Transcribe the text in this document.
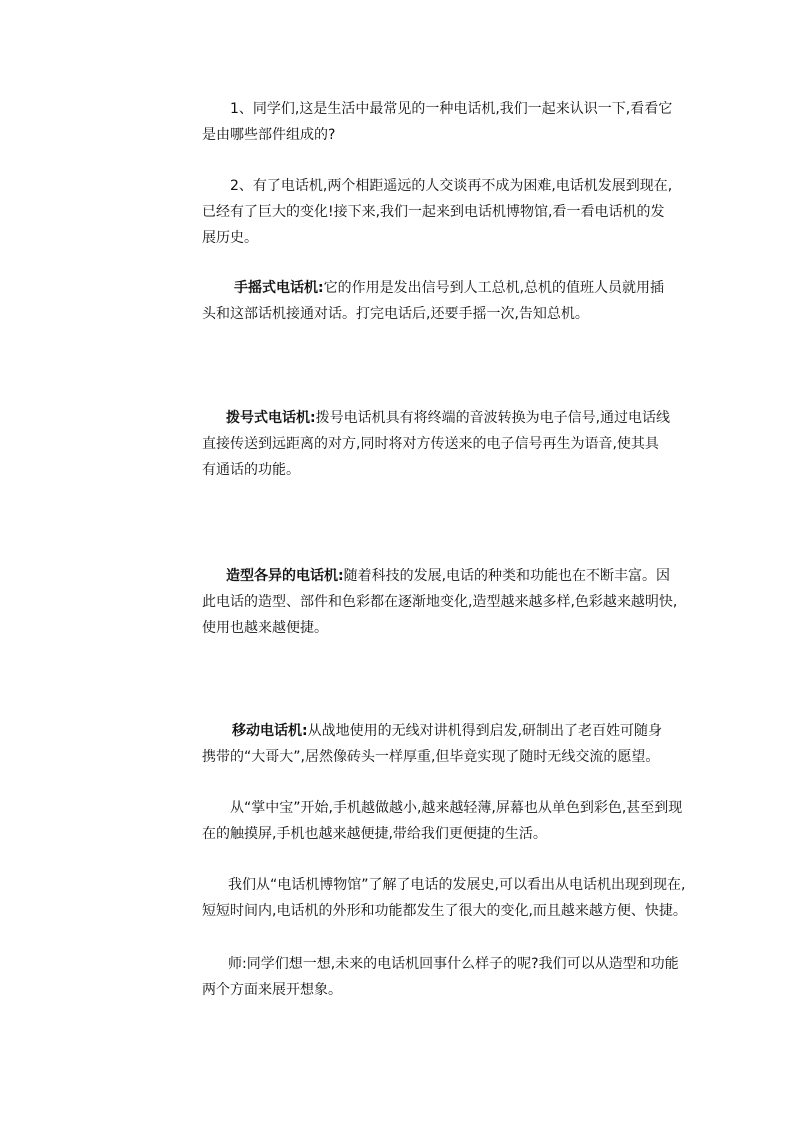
1、同学们,这是生活中最常见的一种电话机,我们一起来认识一下,看看它
是由哪些部件组成的?
2、有了电话机,两个相距遥远的人交谈再不成为困难,电话机发展到现在,
已经有了巨大的变化!接下来,我们一起来到电话机博物馆,看一看电话机的发
展历史。
手摇式电话机:它的作用是发出信号到人工总机,总机的值班人员就用插
头和这部话机接通对话。打完电话后,还要手摇一次,告知总机。
拨号式电话机:拨号电话机具有将终端的音波转换为电子信号,通过电话线
直接传送到远距离的对方,同时将对方传送来的电子信号再生为语音,使其具
有通话的功能。
造型各异的电话机:随着科技的发展,电话的种类和功能也在不断丰富。因
此电话的造型、部件和色彩都在逐渐地变化,造型越来越多样,色彩越来越明快,
使用也越来越便捷。
移动电话机:从战地使用的无线对讲机得到启发,研制出了老百姓可随身
携带的“大哥大”,居然像砖头一样厚重,但毕竟实现了随时无线交流的愿望。
从“掌中宝”开始,手机越做越小,越来越轻薄,屏幕也从单色到彩色,甚至到现
在的触摸屏,手机也越来越便捷,带给我们更便捷的生活。
我们从“电话机博物馆”了解了电话的发展史,可以看出从电话机出现到现在,
短短时间内,电话机的外形和功能都发生了很大的变化,而且越来越方便、快捷。
师:同学们想一想,未来的电话机回事什么样子的呢?我们可以从造型和功能
两个方面来展开想象。
